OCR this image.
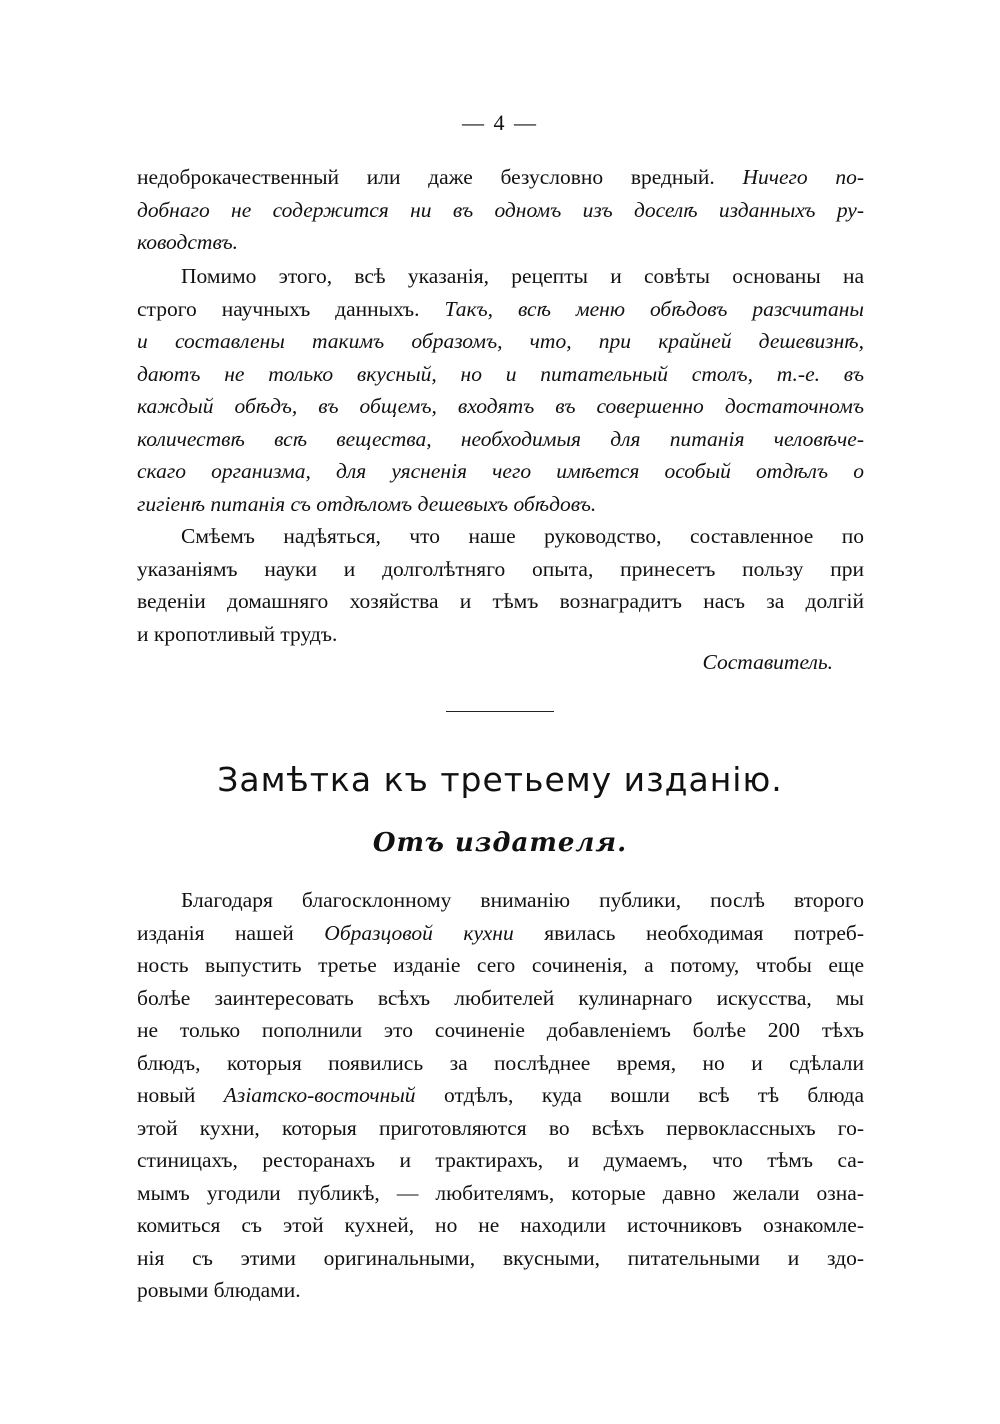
— 4 —
недоброкачественный или даже безусловно вредный. Ничего по-
добнаго не содержится ни въ одномъ изъ доселѣ изданныхъ ру-
ководствъ.
Помимо этого, всѣ указанія, рецепты и совѣты основаны на
строго научныхъ данныхъ. Такъ, всѣ меню обѣдовъ разсчитаны
и составлены такимъ образомъ, что, при крайней дешевизнѣ,
даютъ не только вкусный, но и питательный столъ, т.-е. въ
каждый обѣдъ, въ общемъ, входятъ въ совершенно достаточномъ
количествѣ всѣ вещества, необходимыя для питанія человѣче-
скаго организма, для уясненія чего имѣется особый отдѣлъ о
гигіенѣ питанія съ отдѣломъ дешевыхъ обѣдовъ.
Смѣемъ надѣяться, что наше руководство, составленное по
указаніямъ науки и долголѣтняго опыта, принесетъ пользу при
веденіи домашняго хозяйства и тѣмъ вознаградитъ насъ за долгій
и кропотливый трудъ.
Составитель.
Замѣтка къ третьему изданію.
Отъ издателя.
Благодаря благосклонному вниманію публики, послѣ второго
изданія нашей Образцовой кухни явилась необходимая потреб-
ность выпустить третье изданіе сего сочиненія, а потому, чтобы еще
болѣе заинтересовать всѣхъ любителей кулинарнаго искусства, мы
не только пополнили это сочиненіе добавленіемъ болѣе 200 тѣхъ
блюдъ, которыя появились за послѣднее время, но и сдѣлали
новый Азіатско-восточный отдѣлъ, куда вошли всѣ тѣ блюда
этой кухни, которыя приготовляются во всѣхъ первоклассныхъ го-
стиницахъ, ресторанахъ и трактирахъ, и думаемъ, что тѣмъ са-
мымъ угодили публикѣ, — любителямъ, которые давно желали озна-
комиться съ этой кухней, но не находили источниковъ ознакомле-
нія съ этими оригинальными, вкусными, питательными и здо-
ровыми блюдами.
